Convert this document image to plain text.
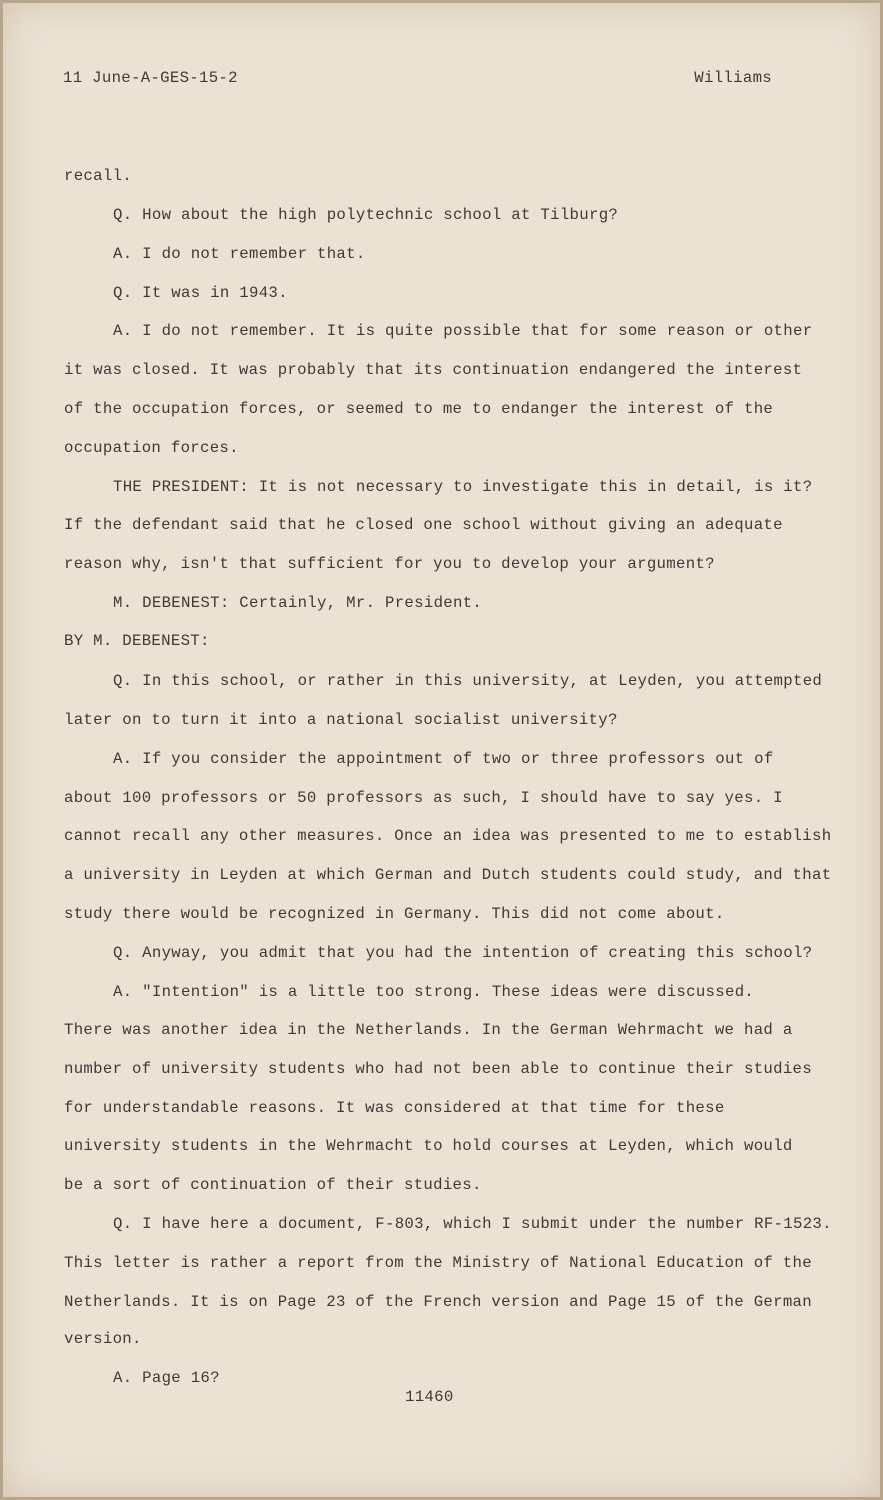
11 June-A-GES-15-2	Williams
recall.
Q. How about the high polytechnic school at Tilburg?
A. I do not remember that.
Q. It was in 1943.
A. I do not remember. It is quite possible that for some reason or other
it was closed. It was probably that its continuation endangered the interest
of the occupation forces, or seemed to me to endanger the interest of the
occupation forces.
THE PRESIDENT: It is not necessary to investigate this in detail, is it?
If the defendant said that he closed one school without giving an adequate
reason why, isn't that sufficient for you to develop your argument?
M. DEBENEST: Certainly, Mr. President.
BY M. DEBENEST:
Q. In this school, or rather in this university, at Leyden, you attempted
later on to turn it into a national socialist university?
A. If you consider the appointment of two or three professors out of
about 100 professors or 50 professors as such, I should have to say yes. I
cannot recall any other measures. Once an idea was presented to me to establish
a university in Leyden at which German and Dutch students could study, and that
study there would be recognized in Germany. This did not come about.
Q. Anyway, you admit that you had the intention of creating this school?
A. "Intention" is a little too strong. These ideas were discussed.
There was another idea in the Netherlands. In the German Wehrmacht we had a
number of university students who had not been able to continue their studies
for understandable reasons. It was considered at that time for these
university students in the Wehrmacht to hold courses at Leyden, which would
be a sort of continuation of their studies.
Q. I have here a document, F-803, which I submit under the number RF-1523.
This letter is rather a report from the Ministry of National Education of the
Netherlands. It is on Page 23 of the French version and Page 15 of the German
version.
A. Page 16?
11460
